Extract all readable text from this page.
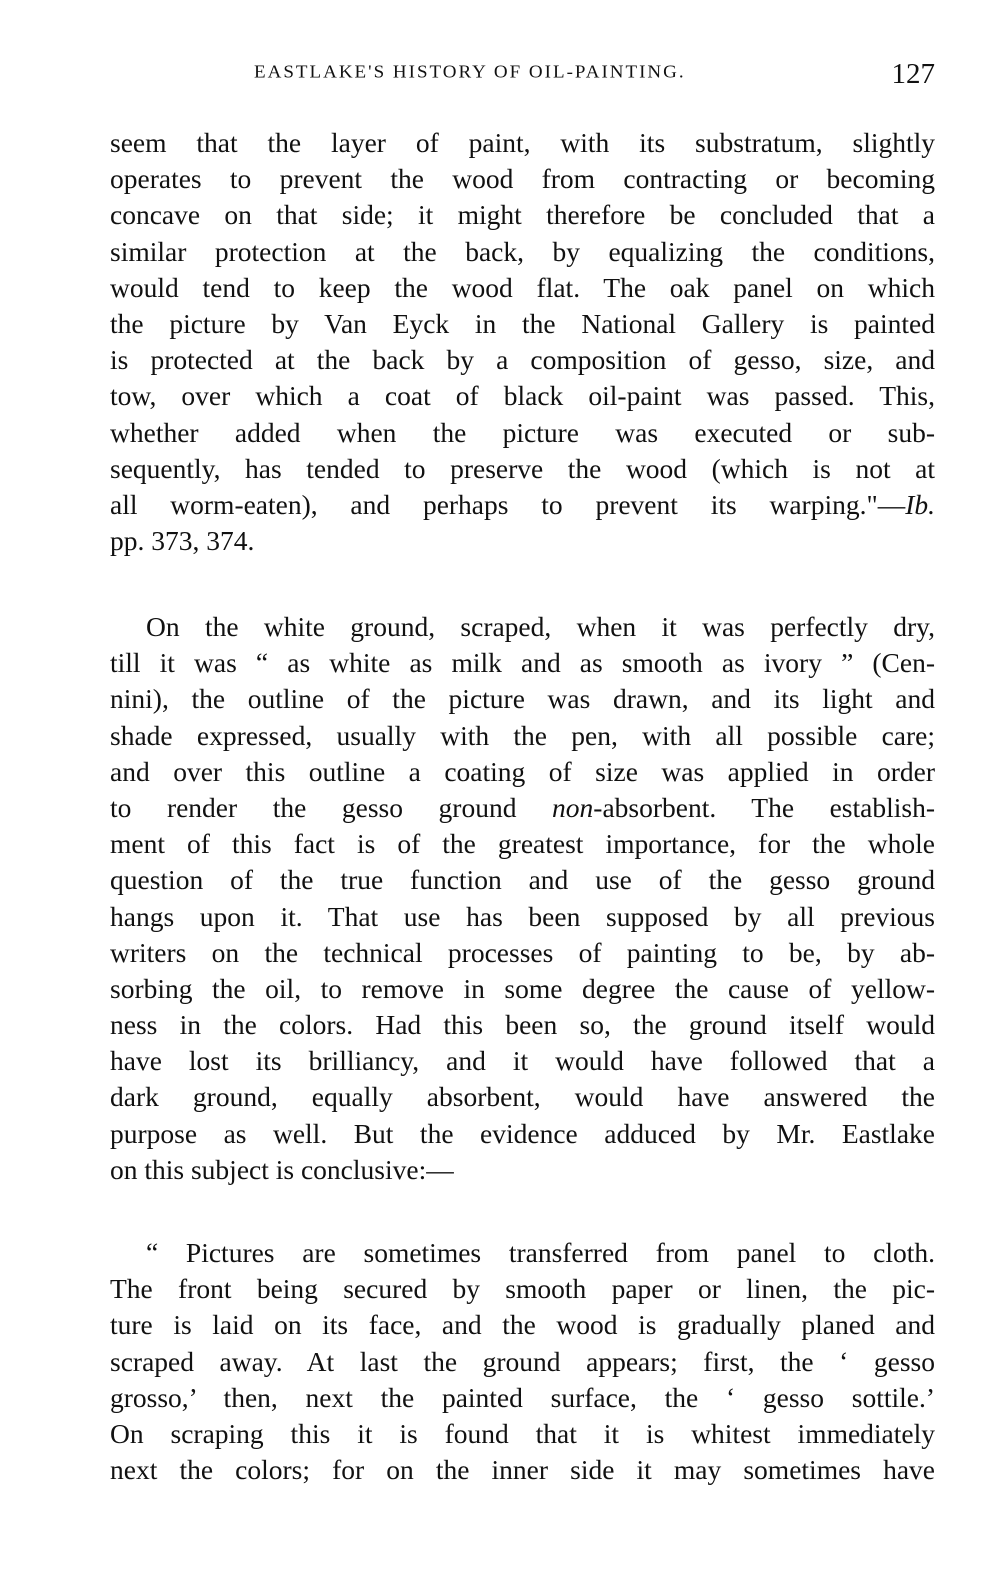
EASTLAKE'S HISTORY OF OIL-PAINTING.	127
seem that the layer of paint, with its substratum, slightly
operates to prevent the wood from contracting or becoming
concave on that side; it might therefore be concluded that a
similar protection at the back, by equalizing the conditions,
would tend to keep the wood flat. The oak panel on which
the picture by Van Eyck in the National Gallery is painted
is protected at the back by a composition of gesso, size, and
tow, over which a coat of black oil-paint was passed. This,
whether added when the picture was executed or sub-
sequently, has tended to preserve the wood (which is not at
all worm-eaten), and perhaps to prevent its warping."—Ib.
pp. 373, 374.
On the white ground, scraped, when it was perfectly dry,
till it was “ as white as milk and as smooth as ivory ” (Cen-
nini), the outline of the picture was drawn, and its light and
shade expressed, usually with the pen, with all possible care;
and over this outline a coating of size was applied in order
to render the gesso ground non-absorbent. The establish-
ment of this fact is of the greatest importance, for the whole
question of the true function and use of the gesso ground
hangs upon it. That use has been supposed by all previous
writers on the technical processes of painting to be, by ab-
sorbing the oil, to remove in some degree the cause of yellow-
ness in the colors. Had this been so, the ground itself would
have lost its brilliancy, and it would have followed that a
dark ground, equally absorbent, would have answered the
purpose as well. But the evidence adduced by Mr. Eastlake
on this subject is conclusive:—
“ Pictures are sometimes transferred from panel to cloth.
The front being secured by smooth paper or linen, the pic-
ture is laid on its face, and the wood is gradually planed and
scraped away. At last the ground appears; first, the ‘ gesso
grosso,’ then, next the painted surface, the ‘ gesso sottile.’
On scraping this it is found that it is whitest immediately
next the colors; for on the inner side it may sometimes have
